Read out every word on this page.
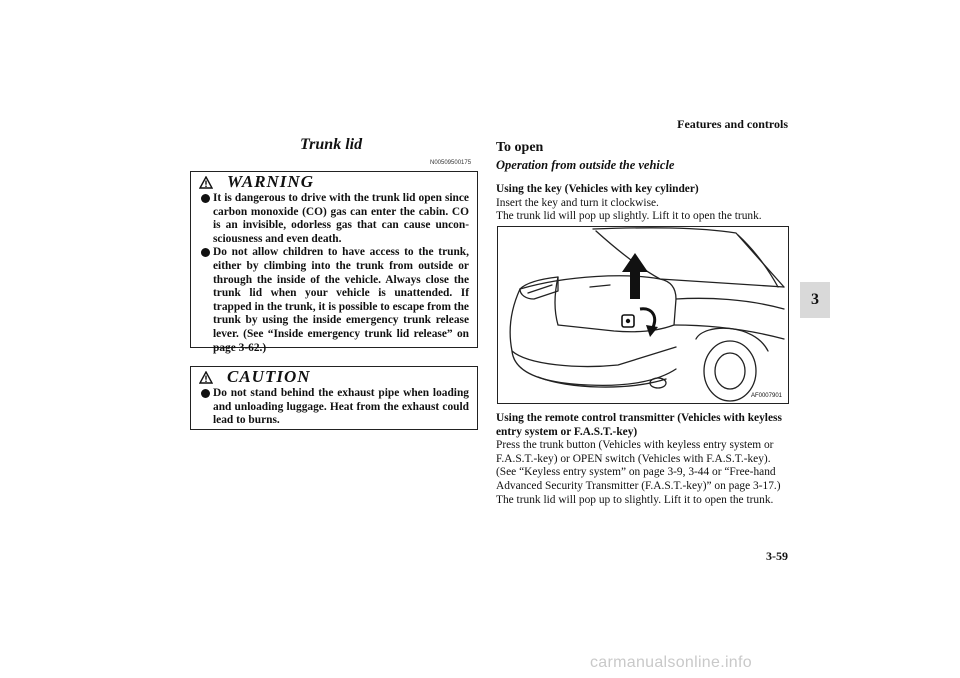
Features and controls
3
Trunk lid
N00509500175
WARNING
It is dangerous to drive with the trunk lid open since carbon monoxide (CO) gas can enter the cabin. CO is an invisible, odorless gas that can cause uncon-sciousness and even death.
Do not allow children to have access to the trunk, either by climbing into the trunk from outside or through the inside of the vehicle. Always close the trunk lid when your vehicle is unattended. If trapped in the trunk, it is possible to escape from the trunk by using the inside emergency trunk release lever. (See “Inside emergency trunk lid release” on page 3-62.)
CAUTION
Do not stand behind the exhaust pipe when loading and unloading luggage. Heat from the exhaust could lead to burns.
To open
Operation from outside the vehicle
Using the key (Vehicles with key cylinder)
Insert the key and turn it clockwise.
The trunk lid will pop up slightly. Lift it to open the trunk.
AF0007901
Using the remote control transmitter (Vehicles with keyless entry system or F.A.S.T.-key)
Press the trunk button (Vehicles with keyless entry system or F.A.S.T.-key) or OPEN switch (Vehicles with F.A.S.T.-key). (See “Keyless entry system” on page 3-9, 3-44 or “Free-hand Advanced Security Transmitter (F.A.S.T.-key)” on page 3-17.)
The trunk lid will pop up to slightly. Lift it to open the trunk.
3-59
carmanualsonline.info
